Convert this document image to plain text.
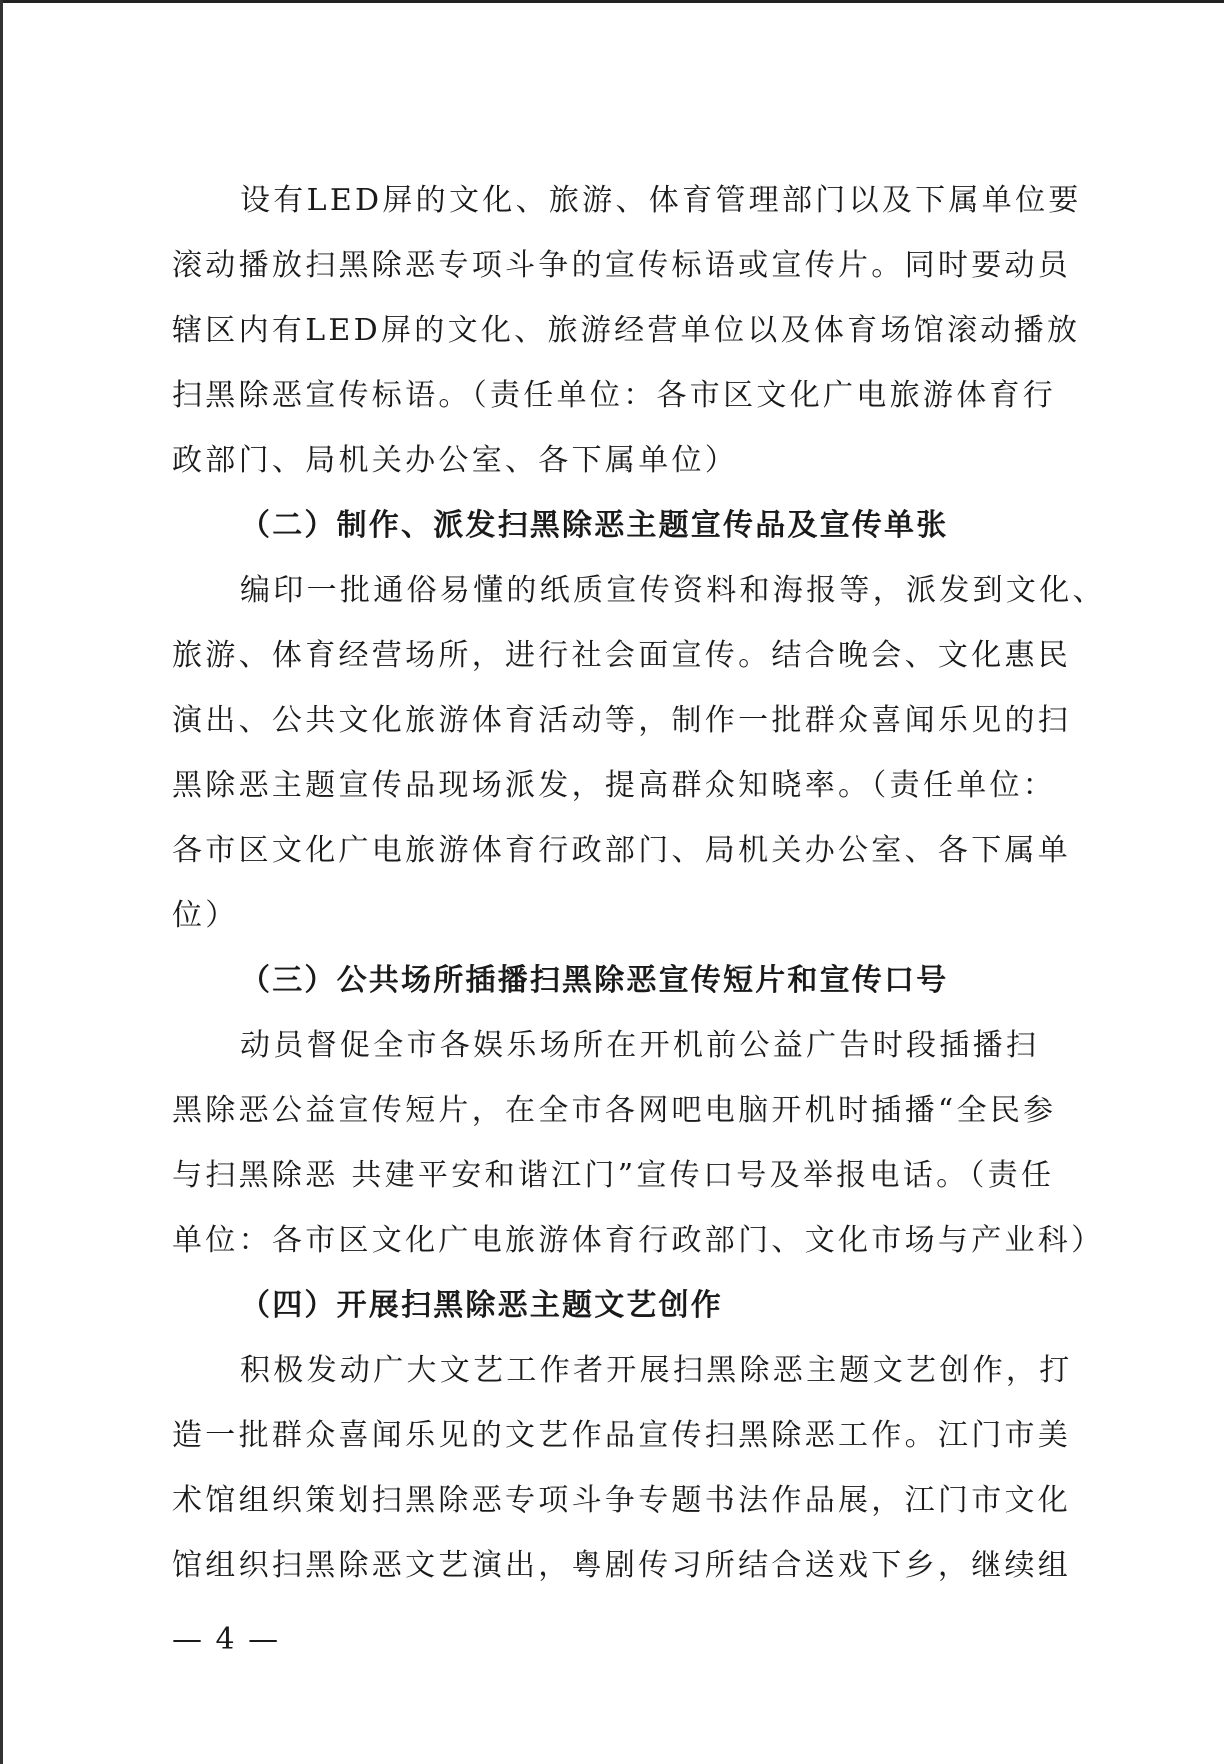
设有LED屏的文化、旅游、体育管理部门以及下属单位要
滚动播放扫黑除恶专项斗争的宣传标语或宣传片。同时要动员
辖区内有LED屏的文化、旅游经营单位以及体育场馆滚动播放
扫黑除恶宣传标语。（责任单位：各市区文化广电旅游体育行
政部门、局机关办公室、各下属单位）
（二）制作、派发扫黑除恶主题宣传品及宣传单张
编印一批通俗易懂的纸质宣传资料和海报等，派发到文化、
旅游、体育经营场所，进行社会面宣传。结合晚会、文化惠民
演出、公共文化旅游体育活动等，制作一批群众喜闻乐见的扫
黑除恶主题宣传品现场派发，提高群众知晓率。（责任单位：
各市区文化广电旅游体育行政部门、局机关办公室、各下属单
位）
（三）公共场所插播扫黑除恶宣传短片和宣传口号
动员督促全市各娱乐场所在开机前公益广告时段插播扫
黑除恶公益宣传短片，在全市各网吧电脑开机时插播“全民参
与扫黑除恶 共建平安和谐江门”宣传口号及举报电话。（责任
单位：各市区文化广电旅游体育行政部门、文化市场与产业科）
（四）开展扫黑除恶主题文艺创作
积极发动广大文艺工作者开展扫黑除恶主题文艺创作，打
造一批群众喜闻乐见的文艺作品宣传扫黑除恶工作。江门市美
术馆组织策划扫黑除恶专项斗争专题书法作品展，江门市文化
馆组织扫黑除恶文艺演出，粤剧传习所结合送戏下乡，继续组
— 4 —
